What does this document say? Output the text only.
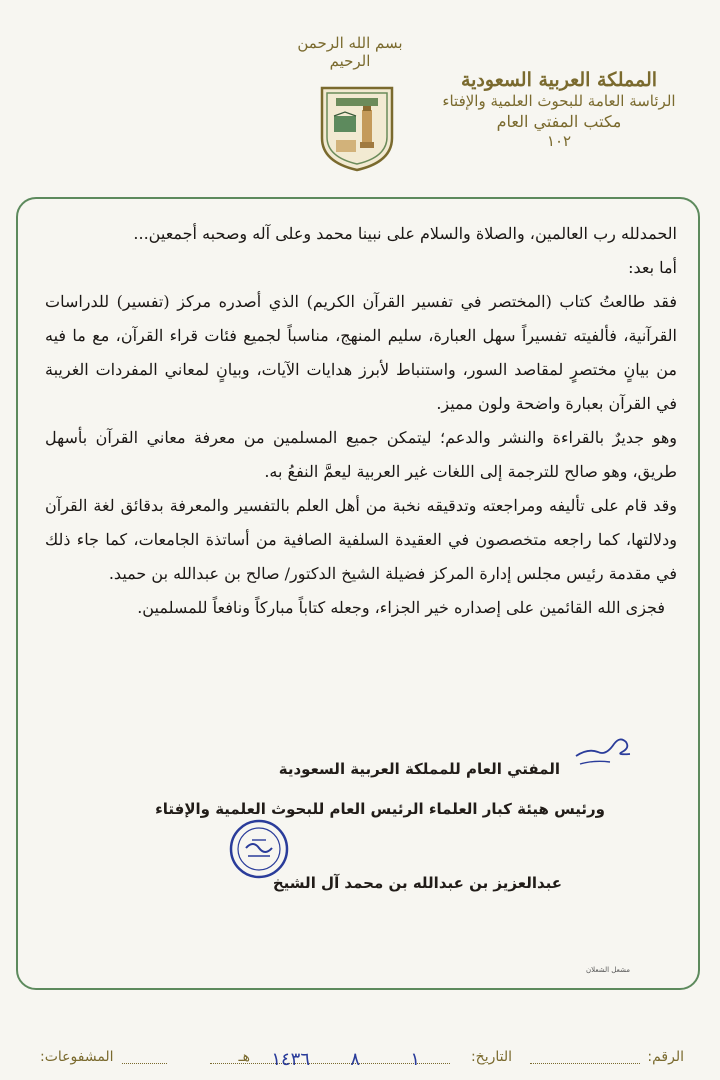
بسم الله الرحمن الرحيم
المملكة العربية السعودية
الرئاسة العامة للبحوث العلمية والإفتاء
مكتب المفتي العام
١٠٢

الحمدلله رب العالمين، والصلاة والسلام على نبينا محمد وعلى آله وصحبه أجمعين...

أما بعد:

فقد طالعتُ كتاب (المختصر في تفسير القرآن الكريم) الذي أصدره مركز (تفسير) للدراسات القرآنية، فألفيته تفسيراً سهل العبارة، سليم المنهج، مناسباً لجميع فئات قراء القرآن، مع ما فيه من بيانٍ مختصرٍ لمقاصد السور، واستنباط لأبرز هدايات الآيات، وبيانٍ لمعاني المفردات الغريبة في القرآن بعبارة واضحة ولون مميز.

وهو جديرٌ بالقراءة والنشر والدعم؛ ليتمكن جميع المسلمين من معرفة معاني القرآن بأسهل طريق، وهو صالح للترجمة إلى اللغات غير العربية ليعمَّ النفعُ به.

وقد قام على تأليفه ومراجعته وتدقيقه نخبة من أهل العلم بالتفسير والمعرفة بدقائق لغة القرآن ودلالتها، كما راجعه متخصصون في العقيدة السلفية الصافية من أساتذة الجامعات، كما جاء ذلك في مقدمة رئيس مجلس إدارة المركز فضيلة الشيخ الدكتور/ صالح بن عبدالله بن حميد.

فجزى الله القائمين على إصداره خير الجزاء، وجعله كتاباً مباركاً ونافعاً للمسلمين.

المفتي العام للمملكة العربية السعودية
ورئيس هيئة كبار العلماء الرئيس العام للبحوث العلمية والإفتاء
عبدالعزيز بن عبدالله بن محمد آل الشيخ
مشعل الشعلان
الرقم:
التاريخ:
١
٨
١٤٣٦
هـ
المشفوعات:
